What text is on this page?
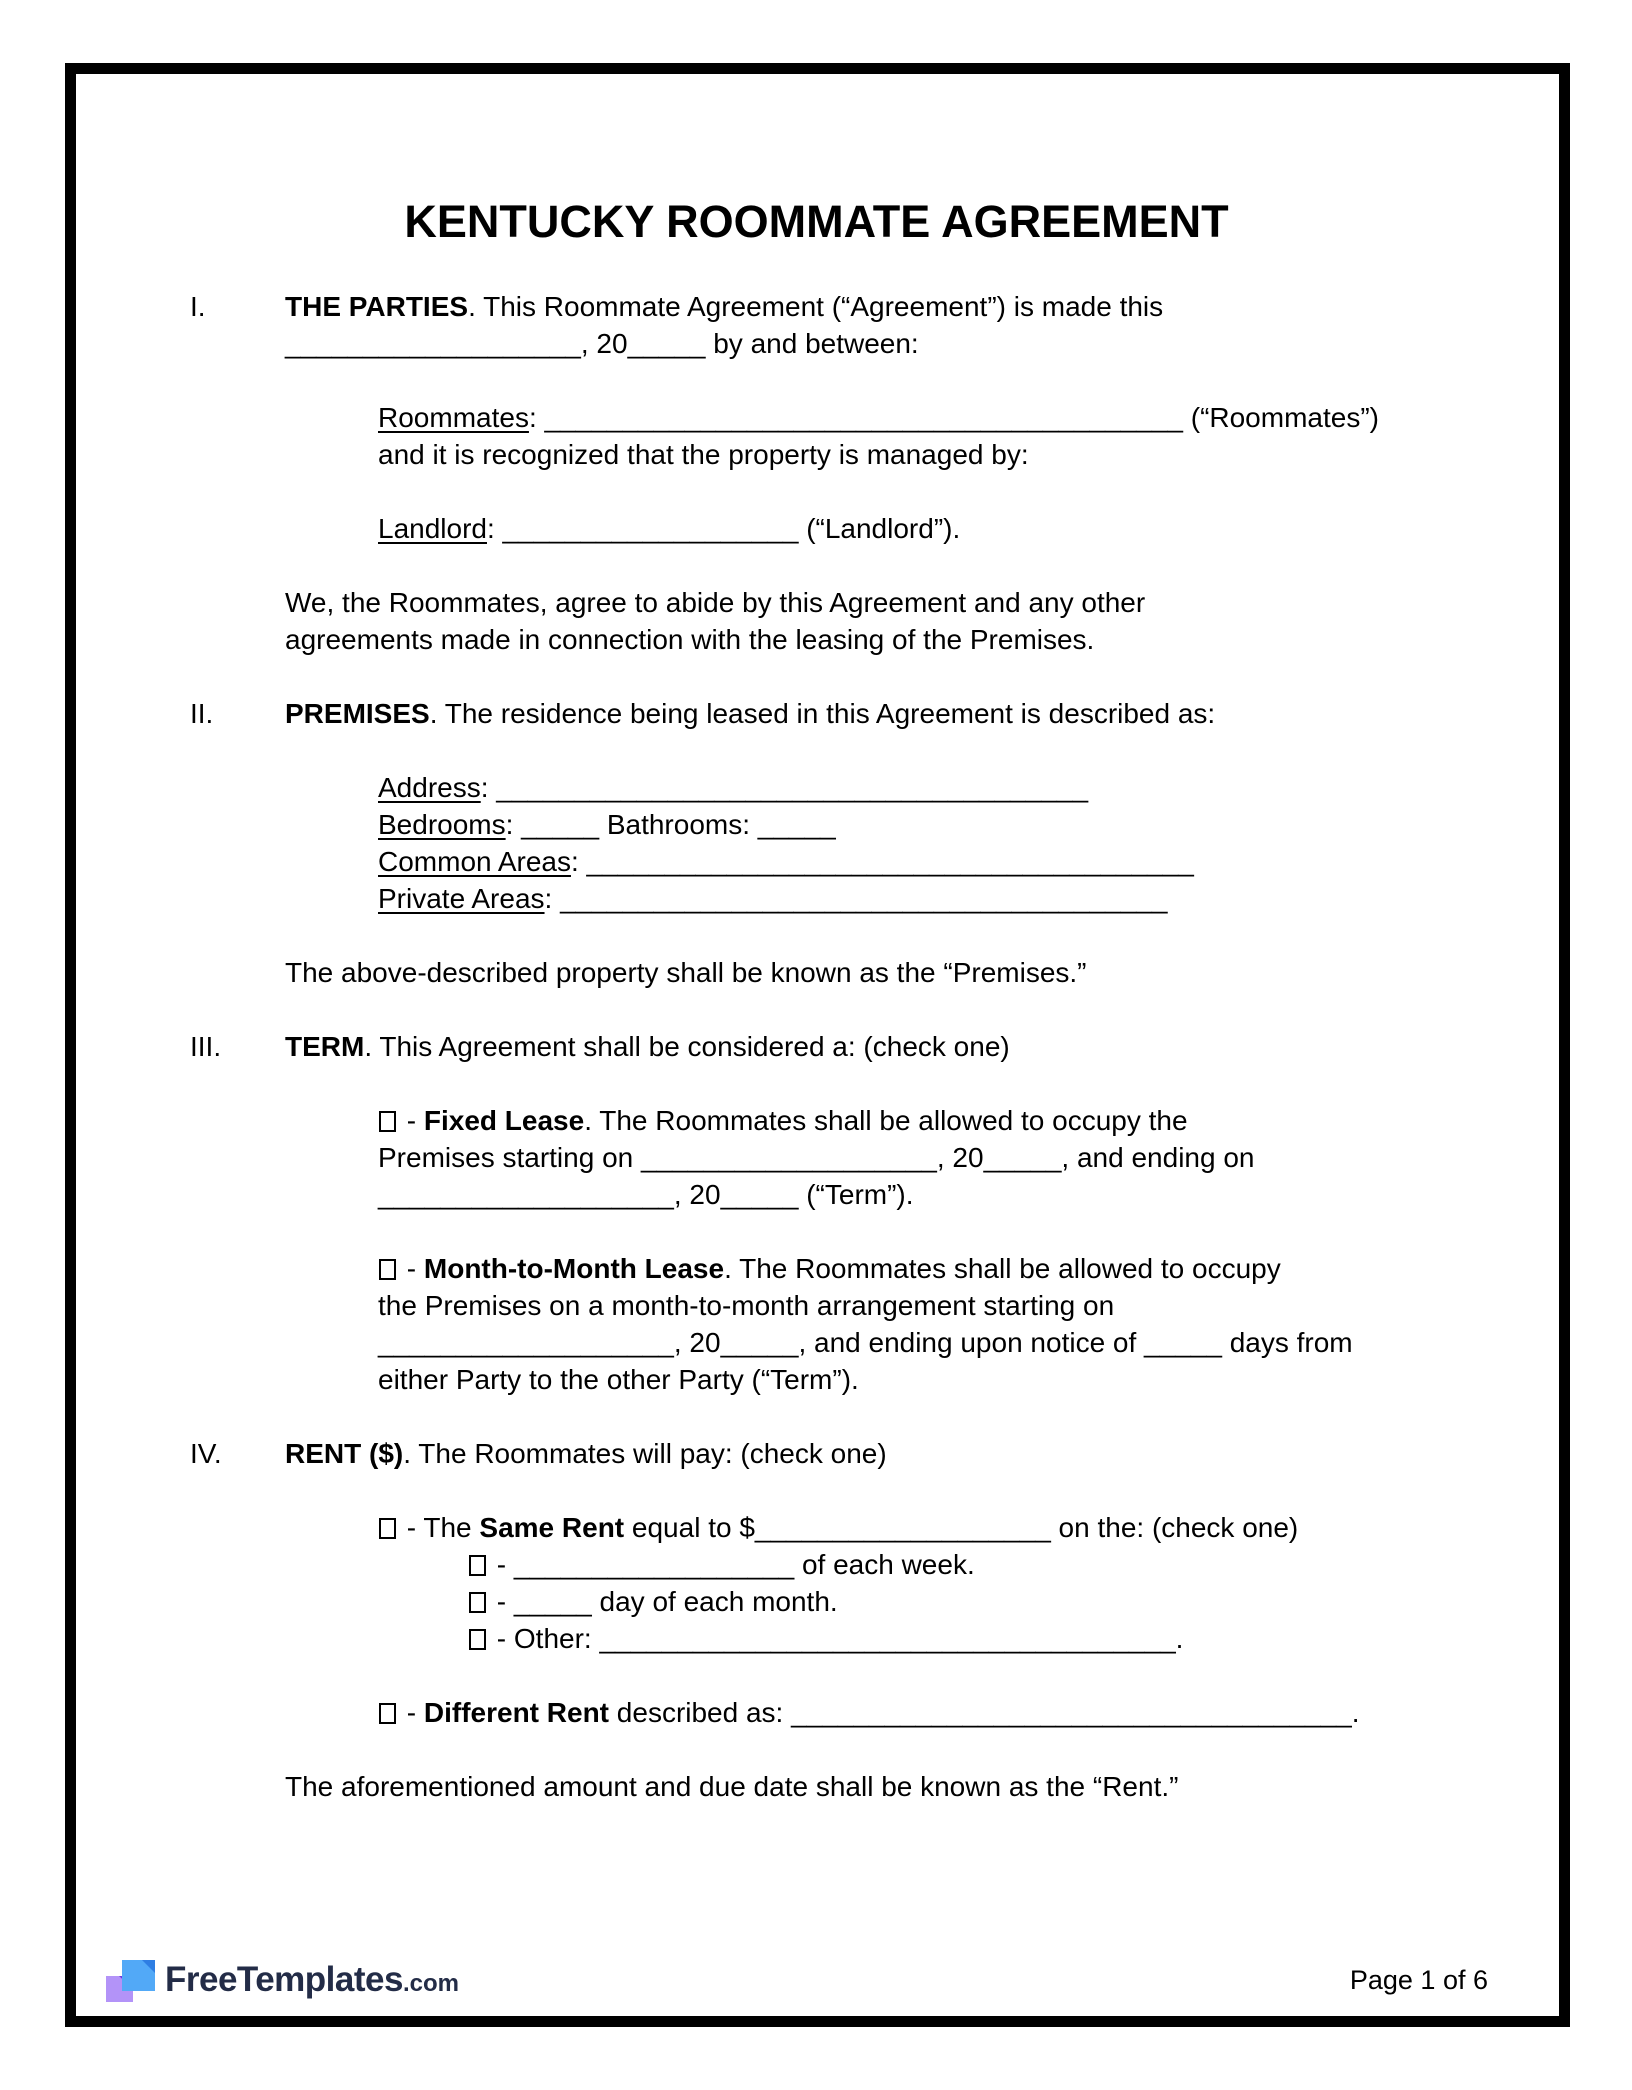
KENTUCKY ROOMMATE AGREEMENT
I.	THE PARTIES. This Roommate Agreement (“Agreement”) is made this
___________________, 20_____ by and between:
Roommates: _________________________________________ (“Roommates”)
and it is recognized that the property is managed by:
Landlord: ___________________ (“Landlord”).
We, the Roommates, agree to abide by this Agreement and any other
agreements made in connection with the leasing of the Premises.
II.	PREMISES. The residence being leased in this Agreement is described as:
Address: ______________________________________
Bedrooms: _____ Bathrooms: _____
Common Areas: _______________________________________
Private Areas: _______________________________________
The above-described property shall be known as the “Premises.”
III. TERM. This Agreement shall be considered a: (check one)
- Fixed Lease. The Roommates shall be allowed to occupy the
Premises starting on ___________________, 20_____, and ending on
___________________, 20_____ (“Term”).
- Month-to-Month Lease. The Roommates shall be allowed to occupy
the Premises on a month-to-month arrangement starting on
___________________, 20_____, and ending upon notice of _____ days from
either Party to the other Party (“Term”).
IV. RENT ($). The Roommates will pay: (check one)
- The Same Rent equal to $___________________ on the: (check one)
- __________________ of each week.
- _____ day of each month.
- Other: _____________________________________.
- Different Rent described as: ____________________________________.
The aforementioned amount and due date shall be known as the “Rent.”
FreeTemplates.com	Page 1 of 6
